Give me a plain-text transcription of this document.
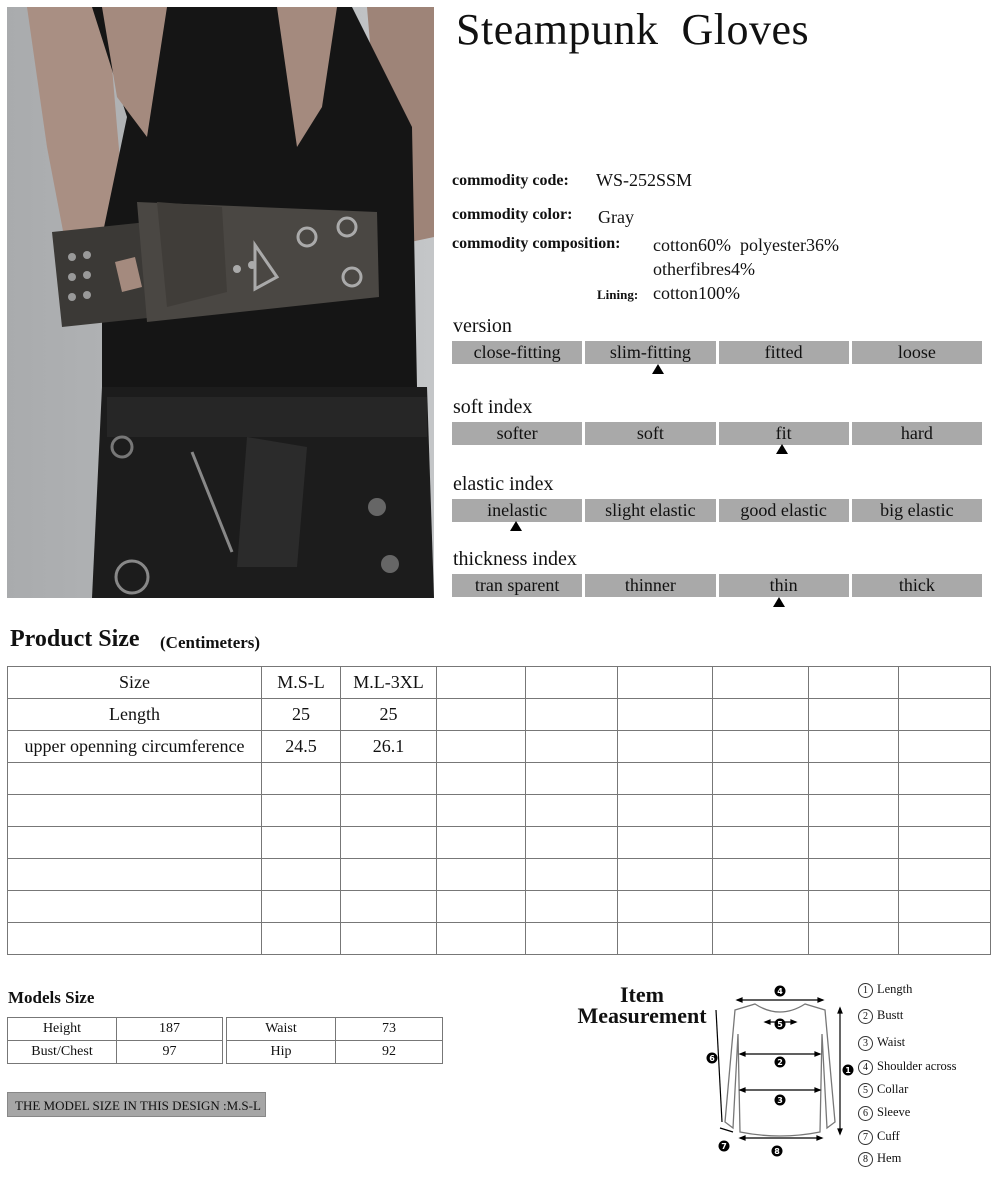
Steampunk  Gloves
commodity code: WS-252SSM
commodity color: Gray
commodity composition: cotton60%  polyester36%
otherfibres4%
Lining: cotton100%
version
close-fitting	slim-fitting	fitted	loose
soft index
softer	soft	fit	hard
elastic index
inelastic	slight elastic	good elastic	big elastic
thickness index
tran sparent	thinner	thin	thick
Product Size (Centimeters)
Size	M.S-L	M.L-3XL						
Length	25	25						
upper openning circumference	24.5	26.1						

Models Size
Height	187
Bust/Chest	97
Waist	73
Hip	92
THE MODEL SIZE IN THIS DESIGN :M.S-L
Item
Measurement
4
5
2
3
8
1
6
7
1 Length
2 Bustt
3 Waist
4 Shoulder across
5 Collar
6 Sleeve
7 Cuff
8 Hem
